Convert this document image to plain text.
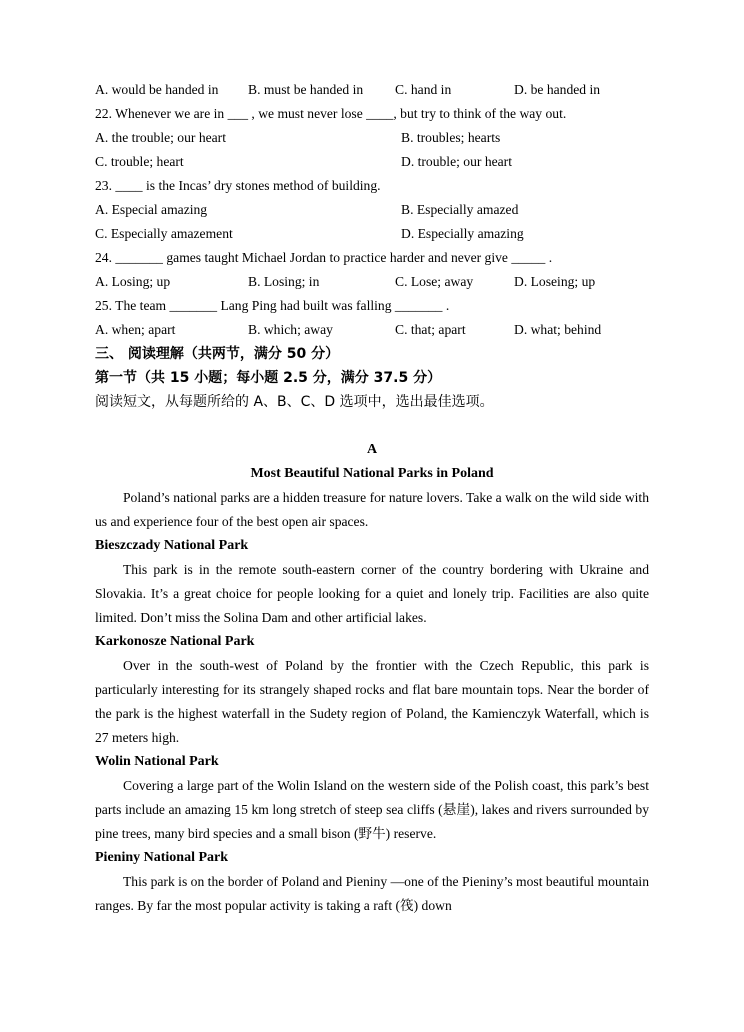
A. would be handed in	B. must be handed in	C. hand in	D. be handed in
22. Whenever we are in ___ , we must never lose ____, but try to think of the way out.
A. the trouble; our heart	B. troubles; hearts
C. trouble; heart	D. trouble; our heart
23. ____ is the Incas’ dry stones method of building.
A. Especial amazing	B. Especially amazed
C. Especially amazement	D. Especially amazing
24. _______ games taught Michael Jordan to practice harder and never give _____ .
A. Losing; up	B. Losing; in	C. Lose; away	D. Loseing; up
25. The team _______ Lang Ping had built was falling _______ .
A. when; apart	B. which; away	C. that; apart	D. what; behind
三、 阅读理解（共两节，满分 50 分）
第一节（共 15 小题；每小题 2.5 分，满分 37.5 分）
阅读短文，从每题所给的 A、B、C、D 选项中，选出最佳选项。
A
Most Beautiful National Parks in Poland

Poland’s national parks are a hidden treasure for nature lovers. Take a walk on the wild side with us and experience four of the best open air spaces.

Bieszczady National Park

This park is in the remote south-eastern corner of the country bordering with Ukraine and Slovakia. It’s a great choice for people looking for a quiet and lonely trip. Facilities are also quite limited. Don’t miss the Solina Dam and other artificial lakes.

Karkonosze National Park

Over in the south-west of Poland by the frontier with the Czech Republic, this park is particularly interesting for its strangely shaped rocks and flat bare mountain tops. Near the border of the park is the highest waterfall in the Sudety region of Poland, the Kamienczyk Waterfall, which is 27 meters high.

Wolin National Park

Covering a large part of the Wolin Island on the western side of the Polish coast, this park’s best parts include an amazing 15 km long stretch of steep sea cliffs (悬崖), lakes and rivers surrounded by pine trees, many bird species and a small bison (野牛) reserve.

Pieniny National Park

This park is on the border of Poland and Pieniny —one of the Pieniny’s most beautiful mountain ranges. By far the most popular activity is taking a raft (筏) down
